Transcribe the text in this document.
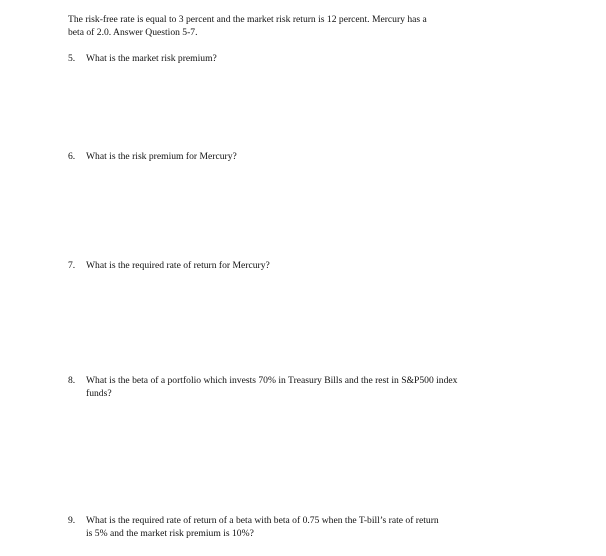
The risk-free rate is equal to 3 percent and the market risk return is 12 percent. Mercury has a

beta of 2.0. Answer Question 5-7.

5.	What is the market risk premium?
6.	What is the risk premium for Mercury?
7.	What is the required rate of return for Mercury?
8.	What is the beta of a portfolio which invests 70% in Treasury Bills and the rest in S&P500 index
funds?
9.	What is the required rate of return of a beta with beta of 0.75 when the T-bill’s rate of return
is 5% and the market risk premium is 10%?
